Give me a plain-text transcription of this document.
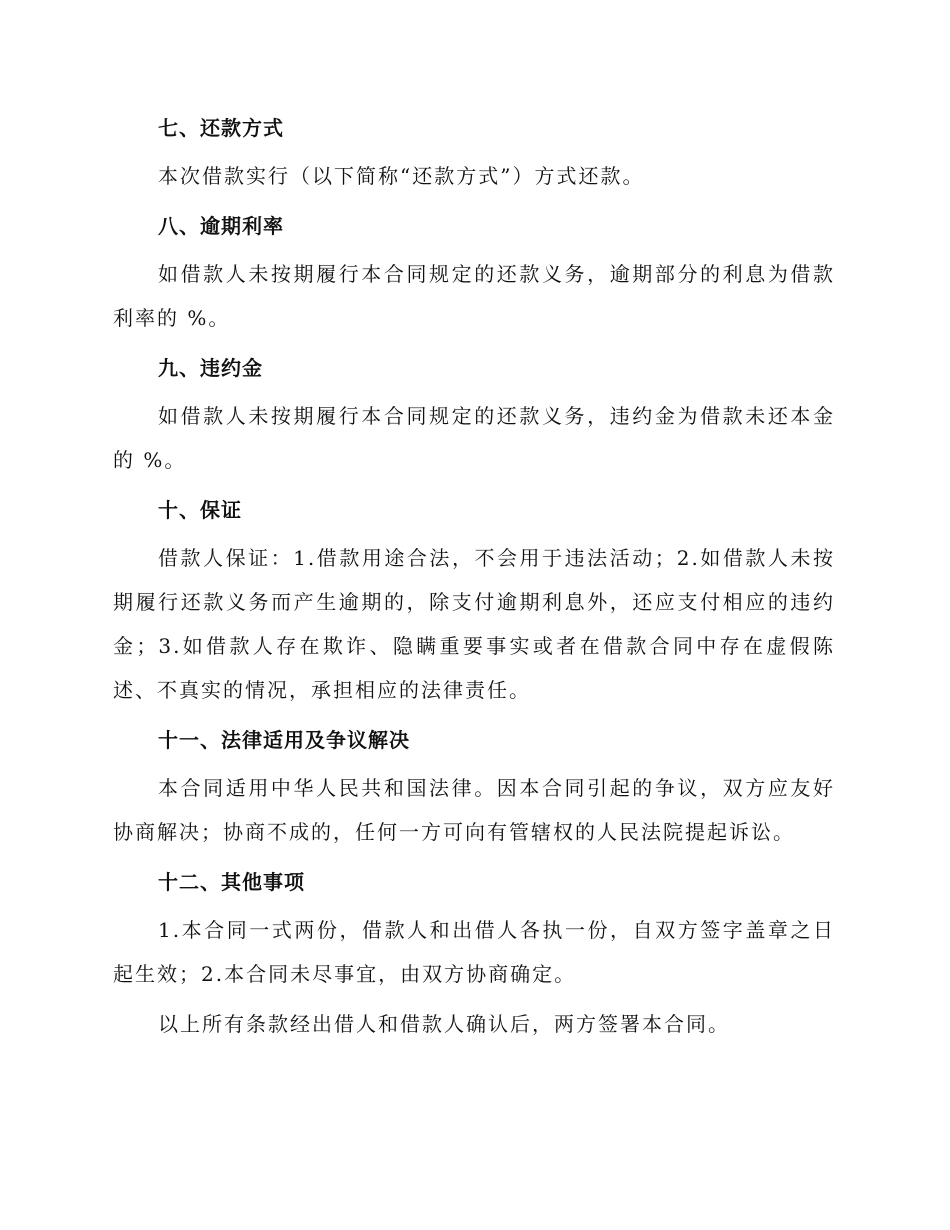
七、还款方式

本次借款实行（以下简称“还款方式”）方式还款。

八、逾期利率

如借款人未按期履行本合同规定的还款义务，逾期部分的利息为借款利率的 %。

九、违约金

如借款人未按期履行本合同规定的还款义务，违约金为借款未还本金的 %。

十、保证

借款人保证：1.借款用途合法，不会用于违法活动；2.如借款人未按期履行还款义务而产生逾期的，除支付逾期利息外，还应支付相应的违约金；3.如借款人存在欺诈、隐瞒重要事实或者在借款合同中存在虚假陈述、不真实的情况，承担相应的法律责任。

十一、法律适用及争议解决

本合同适用中华人民共和国法律。因本合同引起的争议，双方应友好协商解决；协商不成的，任何一方可向有管辖权的人民法院提起诉讼。

十二、其他事项

1.本合同一式两份，借款人和出借人各执一份，自双方签字盖章之日起生效；2.本合同未尽事宜，由双方协商确定。

以上所有条款经出借人和借款人确认后，两方签署本合同。
